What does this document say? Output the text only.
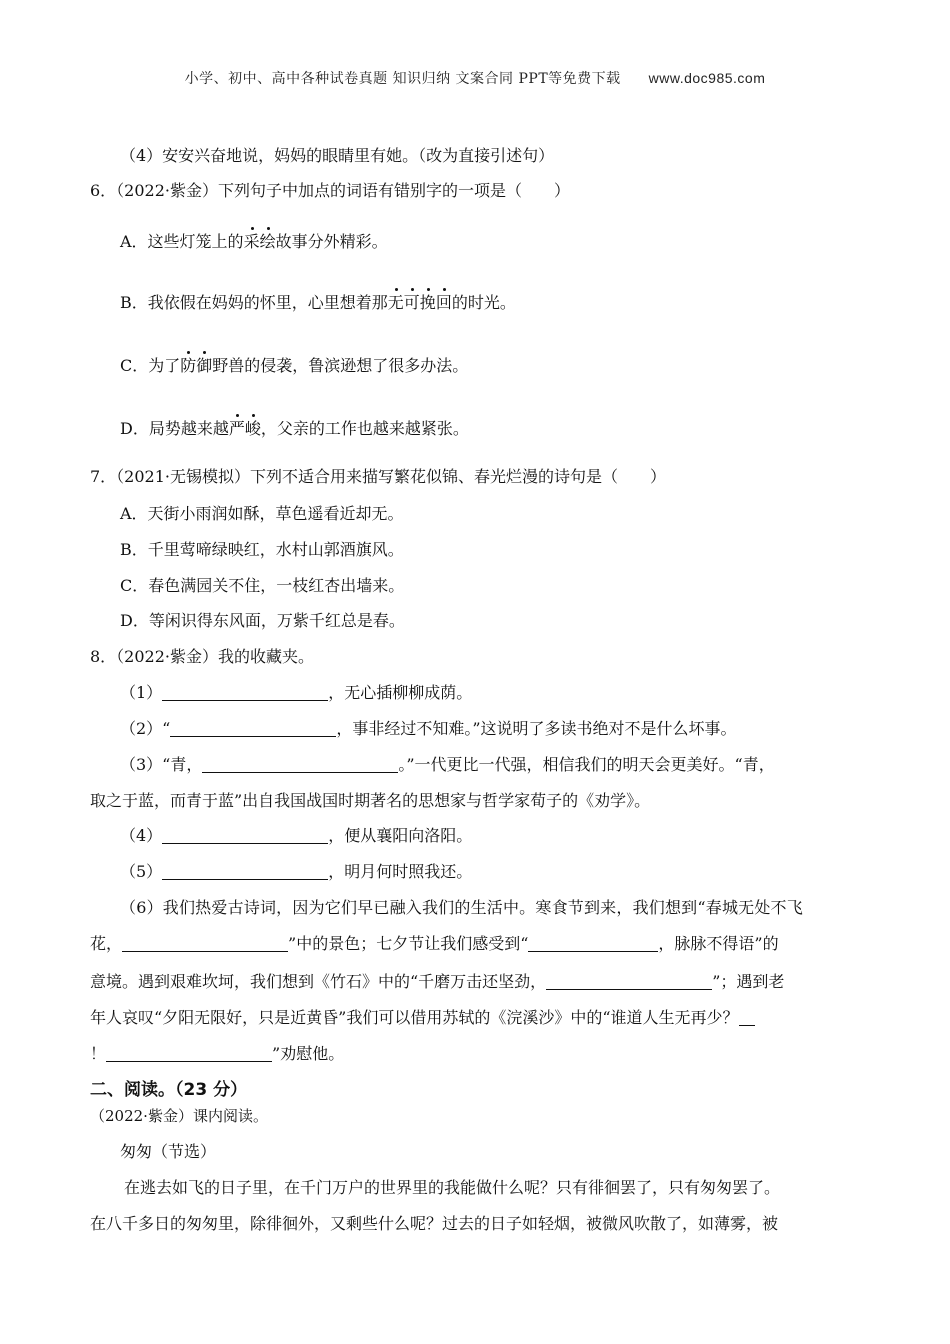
小学、初中、高中各种试卷真题 知识归纳 文案合同 PPT等免费下载 www.doc985.com
（4）安安兴奋地说，妈妈的眼睛里有她。（改为直接引述句）
6．（2022·紫金）下列句子中加点的词语有错别字的一项是（　　）
A．这些灯笼上的采绘故事分外精彩。
B．我依假在妈妈的怀里，心里想着那无可挽回的时光。
C．为了防御野兽的侵袭，鲁滨逊想了很多办法。
D．局势越来越严峻，父亲的工作也越来越紧张。
7．（2021·无锡模拟）下列不适合用来描写繁花似锦、春光烂漫的诗句是（　　）
A．天街小雨润如酥，草色遥看近却无。
B．千里莺啼绿映红，水村山郭酒旗风。
C．春色满园关不住，一枝红杏出墙来。
D．等闲识得东风面，万紫千红总是春。
8．（2022·紫金）我的收藏夹。
（1）	，无心插柳柳成荫。
（2）“	，事非经过不知难。”这说明了多读书绝对不是什么坏事。
（3）“青，	。”一代更比一代强，相信我们的明天会更美好。“青，
取之于蓝，而青于蓝”出自我国战国时期著名的思想家与哲学家荀子的《劝学》。
（4）	，便从襄阳向洛阳。
（5）	，明月何时照我还。
（6）我们热爱古诗词，因为它们早已融入我们的生活中。寒食节到来，我们想到“春城无处不飞
花，	”中的景色；七夕节让我们感受到“	，脉脉不得语”的
意境。遇到艰难坎坷，我们想到《竹石》中的“千磨万击还坚劲，	”；遇到老
年人哀叹“夕阳无限好，只是近黄昏”我们可以借用苏轼的《浣溪沙》中的“谁道人生无再少？
！	”劝慰他。
二、阅读。（23 分）
（2022·紫金）课内阅读。
匆匆（节选）
在逃去如飞的日子里，在千门万户的世界里的我能做什么呢？只有徘徊罢了，只有匆匆罢了。
在八千多日的匆匆里，除徘徊外，又剩些什么呢？过去的日子如轻烟，被微风吹散了，如薄雾，被
